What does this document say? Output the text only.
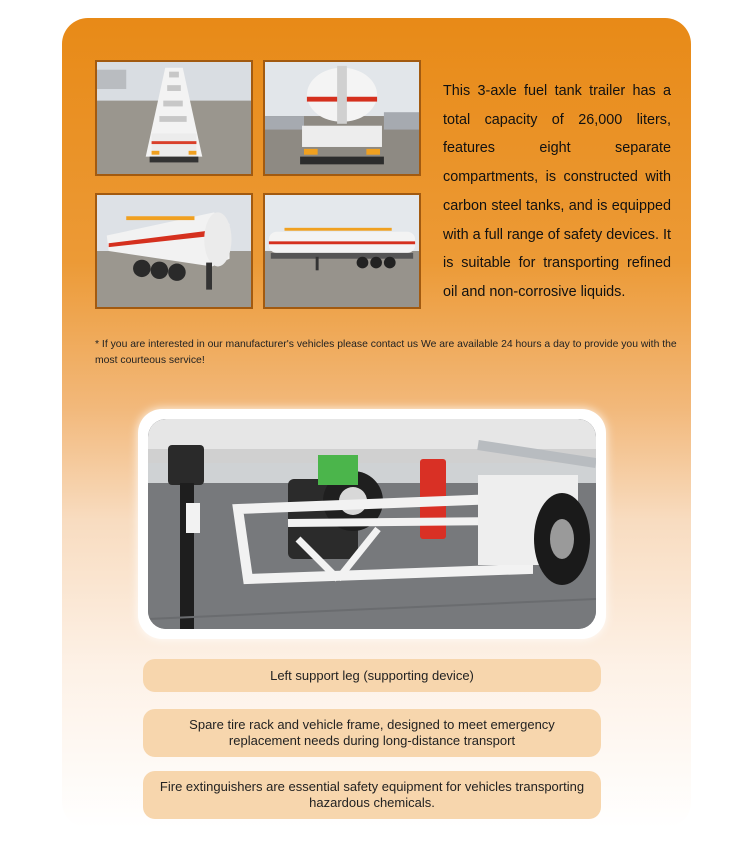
This 3-axle fuel tank trailer has a total capacity of 26,000 liters, features eight separate compartments, is constructed with carbon steel tanks, and is equipped with a full range of safety devices. It is suitable for transporting refined oil and non-corrosive liquids.
* If you are interested in our manufacturer's vehicles please contact us We are available 24 hours a day to provide you with the most courteous service!
Left support leg (supporting device)
Spare tire rack and vehicle frame, designed to meet emergency replacement needs during long-distance transport
Fire extinguishers are essential safety equipment for vehicles transporting hazardous chemicals.
